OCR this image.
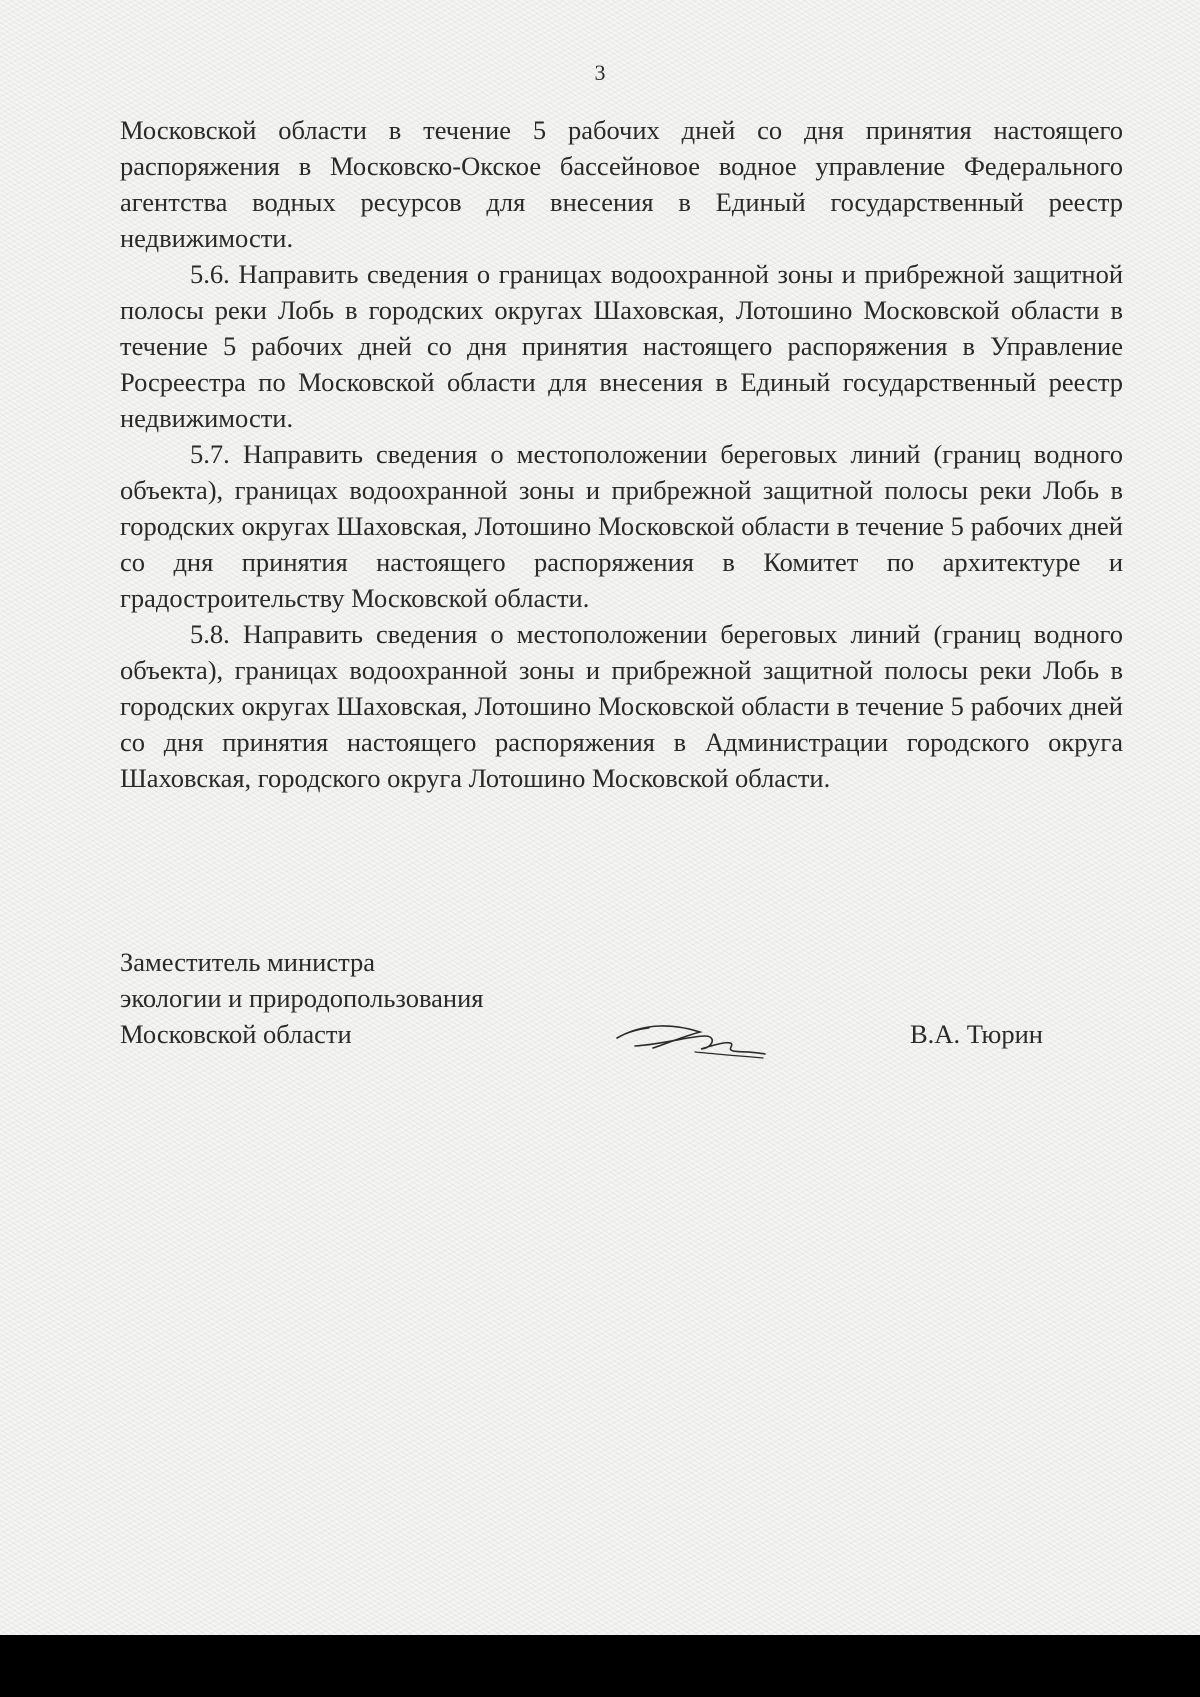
3

Московской области в течение 5 рабочих дней со дня принятия настоящего распоряжения в Московско-Окское бассейновое водное управление Федерального агентства водных ресурсов для внесения в Единый государственный реестр недвижимости.

5.6. Направить сведения о границах водоохранной зоны и прибрежной защитной полосы реки Лобь в городских округах Шаховская, Лотошино Московской области в течение 5 рабочих дней со дня принятия настоящего распоряжения в Управление Росреестра по Московской области для внесения в Единый государственный реестр недвижимости.

5.7. Направить сведения о местоположении береговых линий (границ водного объекта), границах водоохранной зоны и прибрежной защитной полосы реки Лобь в городских округах Шаховская, Лотошино Московской области в течение 5 рабочих дней со дня принятия настоящего распоряжения в Комитет по архитектуре и градостроительству Московской области.

5.8. Направить сведения о местоположении береговых линий (границ водного объекта), границах водоохранной зоны и прибрежной защитной полосы реки Лобь в городских округах Шаховская, Лотошино Московской области в течение 5 рабочих дней со дня принятия настоящего распоряжения в Администрации городского округа Шаховская, городского округа Лотошино Московской области.

Заместитель министра
экологии и природопользования
Московской области	В.А. Тюрин
